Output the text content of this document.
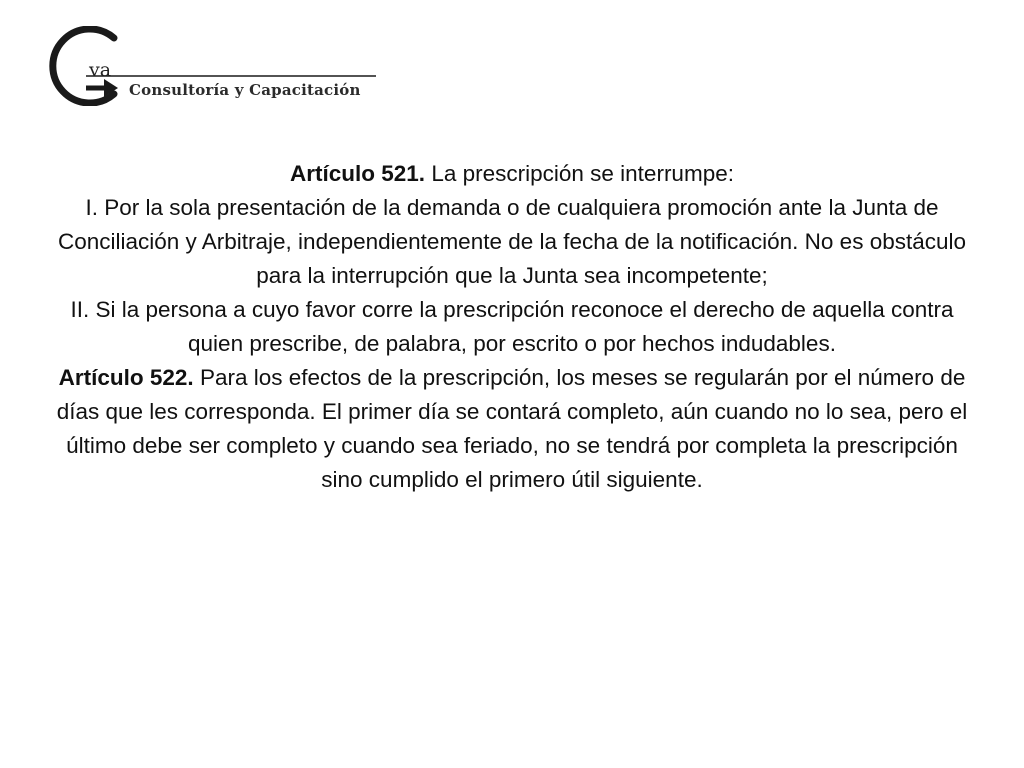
va
Consultoría y Capacitación

Artículo 521. La prescripción se interrumpe:

I. Por la sola presentación de la demanda o de cualquiera promoción ante la Junta de Conciliación y Arbitraje, independientemente de la fecha de la notificación. No es obstáculo para la interrupción que la Junta sea incompetente;

II. Si la persona a cuyo favor corre la prescripción reconoce el derecho de aquella contra quien prescribe, de palabra, por escrito o por hechos indudables.

Artículo 522. Para los efectos de la prescripción, los meses se regularán por el número de días que les corresponda. El primer día se contará completo, aún cuando no lo sea, pero el último debe ser completo y cuando sea feriado, no se tendrá por completa la prescripción sino cumplido el primero útil siguiente.
